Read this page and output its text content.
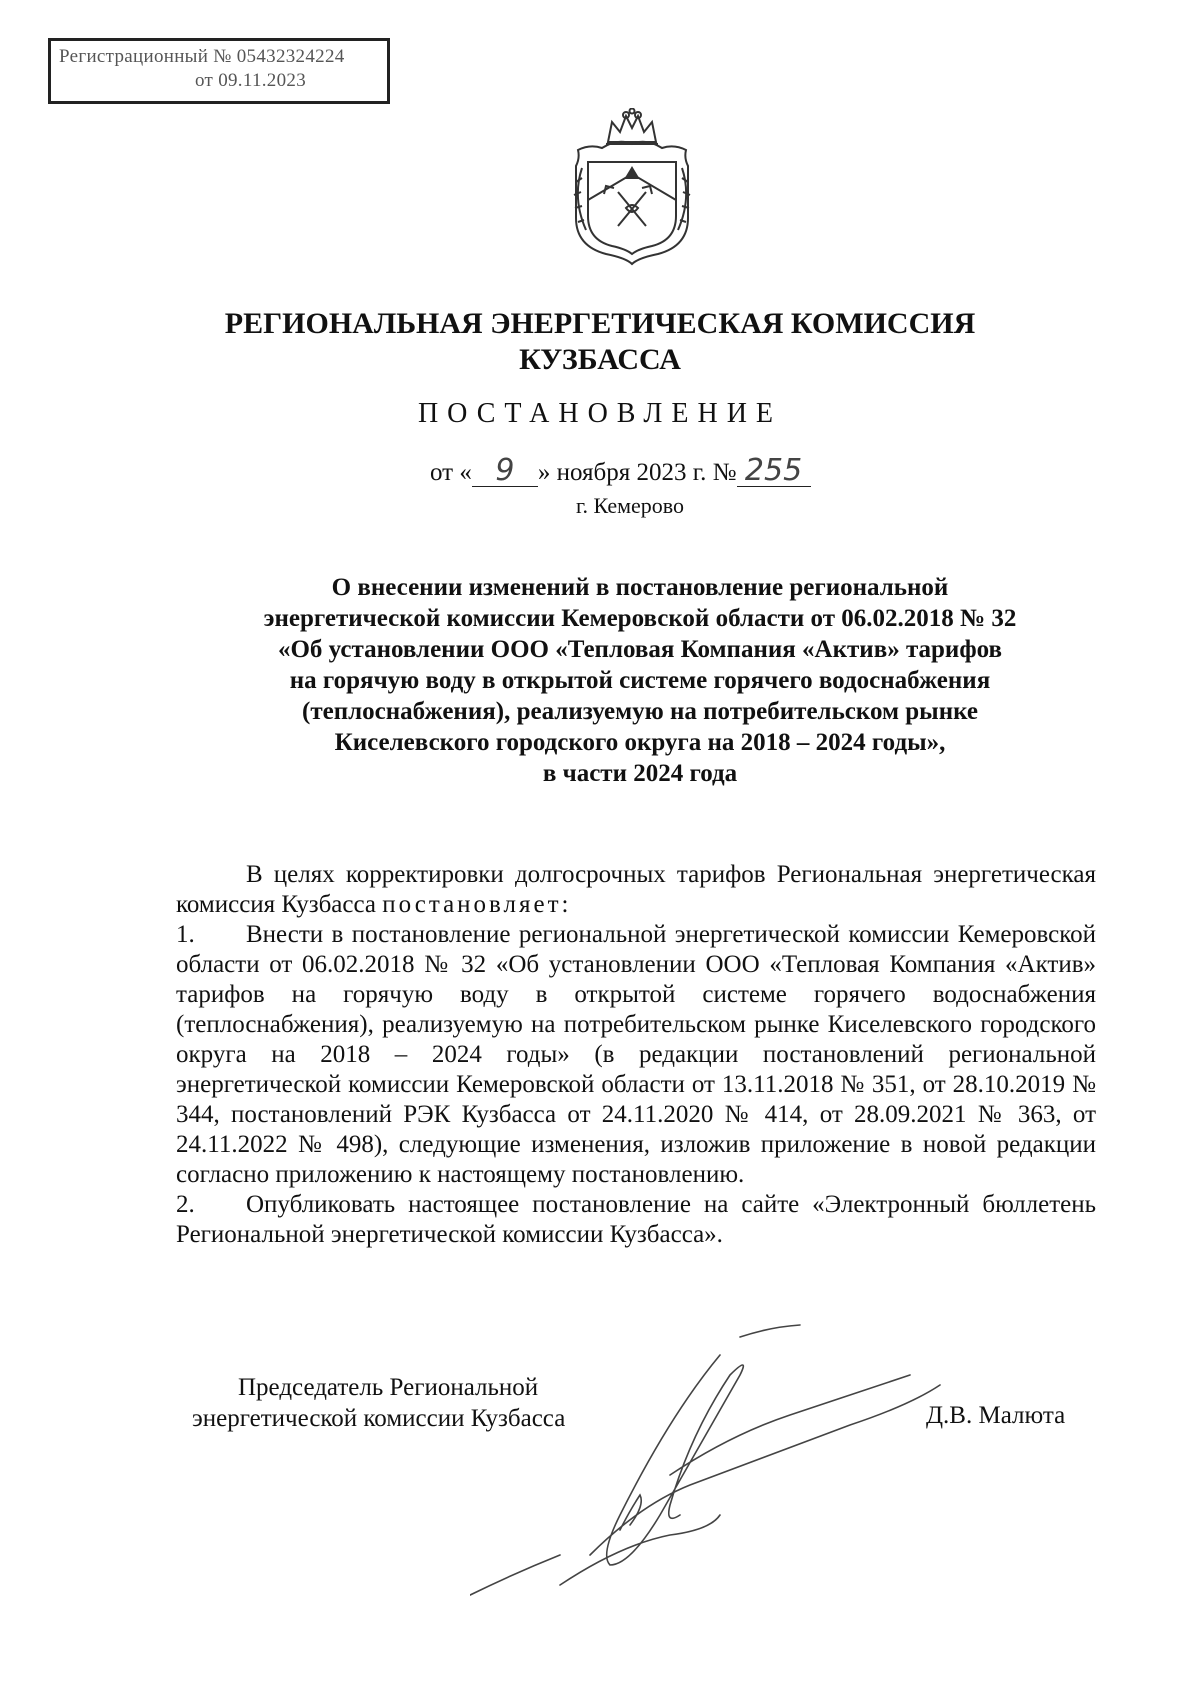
Регистрационный № 05432324224
от 09.11.2023
РЕГИОНАЛЬНАЯ ЭНЕРГЕТИЧЕСКАЯ КОМИССИЯ
КУЗБАССА
ПОСТАНОВЛЕНИЕ
от « 9 » ноября 2023 г. № 255
г. Кемерово
О внесении изменений в постановление региональной
энергетической комиссии Кемеровской области от 06.02.2018 № 32
«Об установлении ООО «Тепловая Компания «Актив» тарифов
на горячую воду в открытой системе горячего водоснабжения
(теплоснабжения), реализуемую на потребительском рынке
Киселевского городского округа на 2018 – 2024 годы»,
в части 2024 года

В целях корректировки долгосрочных тарифов Региональная энергетическая комиссия Кузбасса постановляет:

1. Внести в постановление региональной энергетической комиссии Кемеровской области от 06.02.2018 № 32 «Об установлении ООО «Тепловая Компания «Актив» тарифов на горячую воду в открытой системе горячего водоснабжения (теплоснабжения), реализуемую на потребительском рынке Киселевского городского округа на 2018 – 2024 годы» (в редакции постановлений региональной энергетической комиссии Кемеровской области от 13.11.2018 № 351, от 28.10.2019 № 344, постановлений РЭК Кузбасса от 24.11.2020 № 414, от 28.09.2021 № 363, от 24.11.2022 № 498), следующие изменения, изложив приложение в новой редакции согласно приложению к настоящему постановлению.

2. Опубликовать настоящее постановление на сайте «Электронный бюллетень Региональной энергетической комиссии Кузбасса».

Председатель Региональной
энергетической комиссии Кузбасса	Д.В. Малюта
